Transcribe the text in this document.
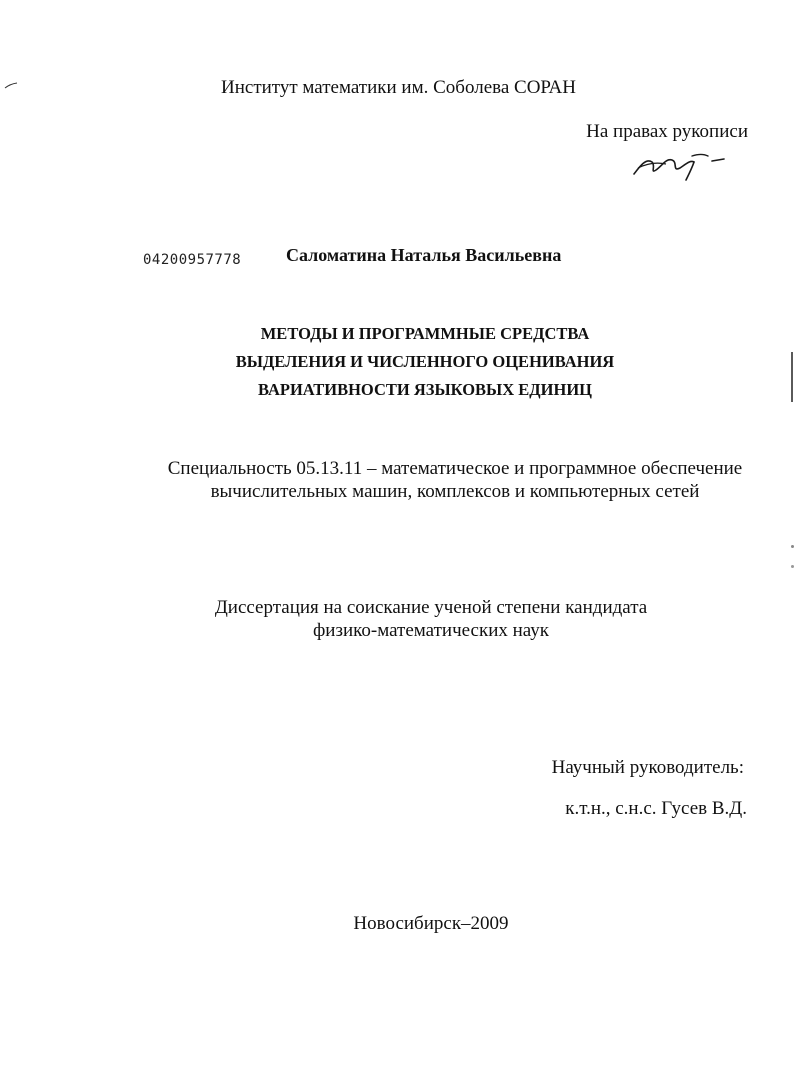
Институт математики им. Соболева СОРАН
На правах рукописи
04200957778 Саломатина Наталья Васильевна
МЕТОДЫ И ПРОГРАММНЫЕ СРЕДСТВА
ВЫДЕЛЕНИЯ И ЧИСЛЕННОГО ОЦЕНИВАНИЯ
ВАРИАТИВНОСТИ ЯЗЫКОВЫХ ЕДИНИЦ
Специальность 05.13.11 – математическое и программное обеспечение
вычислительных машин, комплексов и компьютерных сетей
Диссертация на соискание ученой степени кандидата
физико-математических наук
Научный руководитель:
к.т.н., с.н.с. Гусев В.Д.
Новосибирск–2009
